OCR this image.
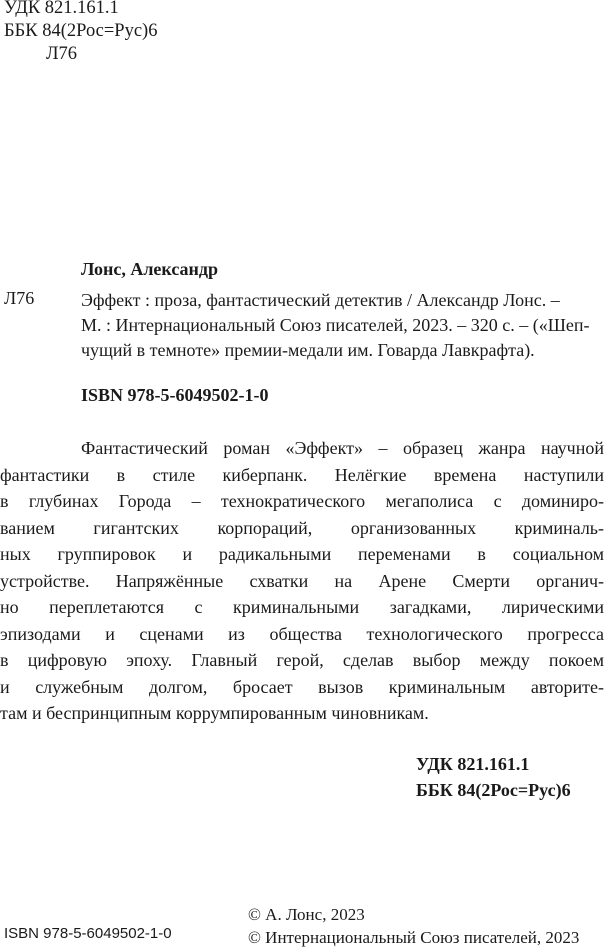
УДК 821.161.1
ББК 84(2Рос=Рус)6
Л76
Лонс, Александр
Л76	Эффект : проза, фантастический детектив / Александр Лонс. –
М. : Интернациональный Союз писателей, 2023. – 320 с. – («Шеп-
чущий в темноте» премии-медали им. Говарда Лавкрафта).
ISBN 978-5-6049502-1-0
Фантастический роман «Эффект» – образец жанра научной
фантастики в стиле киберпанк. Нелёгкие времена наступили
в глубинах Города – технократического мегаполиса с доминиро-
ванием гигантских корпораций, организованных криминаль-
ных группировок и радикальными переменами в социальном
устройстве. Напряжённые схватки на Арене Смерти органич-
но переплетаются с криминальными загадками, лирическими
эпизодами и сценами из общества технологического прогресса
в цифровую эпоху. Главный герой, сделав выбор между покоем
и служебным долгом, бросает вызов криминальным авторите-
там и беспринципным коррумпированным чиновникам.
УДК 821.161.1
ББК 84(2Рос=Рус)6
ISBN 978-5-6049502-1-0
© А. Лонс, 2023
© Интернациональный Союз писателей, 2023
